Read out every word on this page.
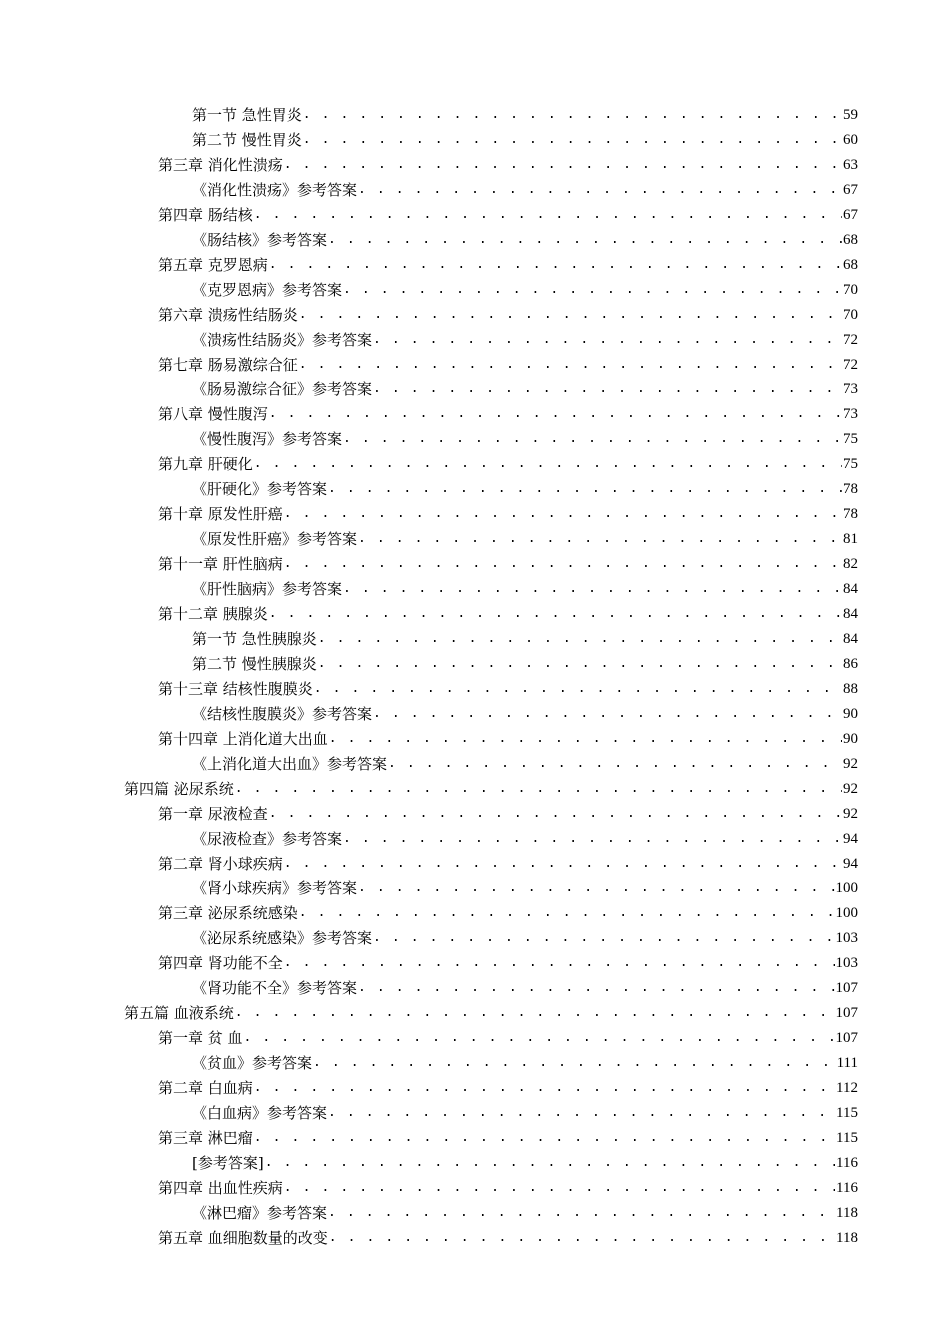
第一节 急性胃炎 . . .	59
第二节 慢性胃炎 . . .	60
第三章 消化性溃疡 . . .	63
《消化性溃疡》参考答案 . . .	67
第四章 肠结核 . . .	67
《肠结核》参考答案 . . .	68
第五章 克罗恩病 . . .	68
《克罗恩病》参考答案 . . .	70
第六章 溃疡性结肠炎 . . .	70
《溃疡性结肠炎》参考答案 . . .	72
第七章 肠易激综合征 . . .	72
《肠易激综合征》参考答案 . . .	73
第八章 慢性腹泻 . . .	73
《慢性腹泻》参考答案 . . .	75
第九章 肝硬化 . . .	75
《肝硬化》参考答案 . . .	78
第十章 原发性肝癌 . . .	78
《原发性肝癌》参考答案 . . .	81
第十一章 肝性脑病 . . .	82
《肝性脑病》参考答案 . . .	84
第十二章 胰腺炎 . . .	84
第一节 急性胰腺炎 . . .	84
第二节 慢性胰腺炎 . . .	86
第十三章 结核性腹膜炎 . . .	88
《结核性腹膜炎》参考答案 . . .	90
第十四章 上消化道大出血 . . .	90
《上消化道大出血》参考答案 . . .	92
第四篇 泌尿系统 . . .	92
第一章 尿液检查 . . .	92
《尿液检查》参考答案 . . .	94
第二章 肾小球疾病 . . .	94
《肾小球疾病》参考答案 . . .	100
第三章 泌尿系统感染 . . .	100
《泌尿系统感染》参考答案 . . .	103
第四章 肾功能不全 . . .	103
《肾功能不全》参考答案 . . .	107
第五篇 血液系统 . . .	107
第一章 贫 血 . . .	107
《贫血》参考答案 . . .	111
第二章 白血病 . . .	112
《白血病》参考答案 . . .	115
第三章 淋巴瘤 . . .	115
[参考答案] . . .	116
第四章 出血性疾病 . . .	116
《淋巴瘤》参考答案 . . .	118
第五章 血细胞数量的改变 . . .	118
